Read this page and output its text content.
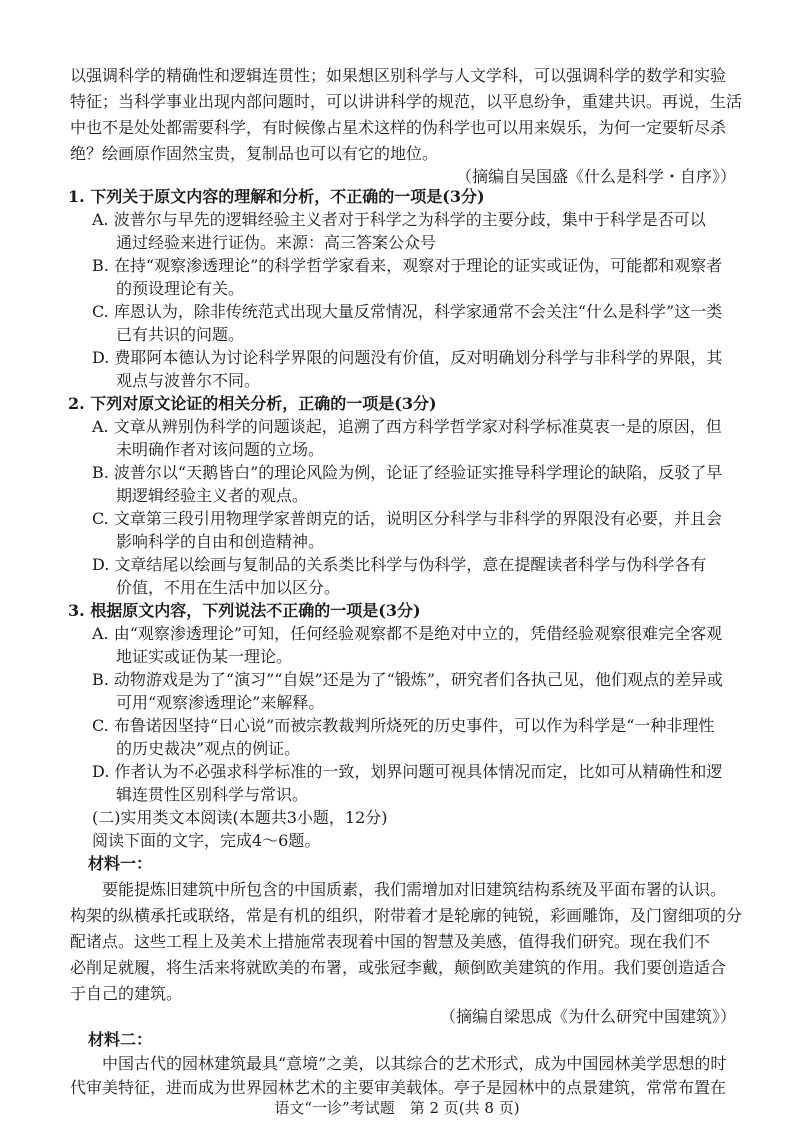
以强调科学的精确性和逻辑连贯性；如果想区别科学与人文学科，可以强调科学的数学和实验
特征；当科学事业出现内部问题时，可以讲讲科学的规范，以平息纷争，重建共识。再说，生活
中也不是处处都需要科学，有时候像占星术这样的伪科学也可以用来娱乐，为何一定要斩尽杀
绝？绘画原作固然宝贵，复制品也可以有它的地位。
（摘编自吴国盛《什么是科学・自序》）
1. 下列关于原文内容的理解和分析，不正确的一项是(3分)
A. 波普尔与早先的逻辑经验主义者对于科学之为科学的主要分歧，集中于科学是否可以
通过经验来进行证伪。来源：高三答案公众号
B. 在持“观察渗透理论”的科学哲学家看来，观察对于理论的证实或证伪，可能都和观察者
的预设理论有关。
C. 库恩认为，除非传统范式出现大量反常情况，科学家通常不会关注“什么是科学”这一类
已有共识的问题。
D. 费耶阿本德认为讨论科学界限的问题没有价值，反对明确划分科学与非科学的界限，其
观点与波普尔不同。
2. 下列对原文论证的相关分析，正确的一项是(3分)
A. 文章从辨别伪科学的问题谈起，追溯了西方科学哲学家对科学标准莫衷一是的原因，但
未明确作者对该问题的立场。
B. 波普尔以“天鹅皆白”的理论风险为例，论证了经验证实推导科学理论的缺陷，反驳了早
期逻辑经验主义者的观点。
C. 文章第三段引用物理学家普朗克的话，说明区分科学与非科学的界限没有必要，并且会
影响科学的自由和创造精神。
D. 文章结尾以绘画与复制品的关系类比科学与伪科学，意在提醒读者科学与伪科学各有
价值，不用在生活中加以区分。
3. 根据原文内容，下列说法不正确的一项是(3分)
A. 由“观察渗透理论”可知，任何经验观察都不是绝对中立的，凭借经验观察很难完全客观
地证实或证伪某一理论。
B. 动物游戏是为了“演习”“自娱”还是为了“锻炼”，研究者们各执己见，他们观点的差异或
可用“观察渗透理论”来解释。
C. 布鲁诺因坚持“日心说”而被宗教裁判所烧死的历史事件，可以作为科学是“一种非理性
的历史裁决”观点的例证。
D. 作者认为不必强求科学标准的一致，划界问题可视具体情况而定，比如可从精确性和逻
辑连贯性区别科学与常识。
(二)实用类文本阅读(本题共3小题，12分)
阅读下面的文字，完成4～6题。
材料一：
要能提炼旧建筑中所包含的中国质素，我们需增加对旧建筑结构系统及平面布署的认识。
构架的纵横承托或联络，常是有机的组织，附带着才是轮廓的钝锐，彩画雕饰，及门窗细项的分
配诸点。这些工程上及美术上措施常表现着中国的智慧及美感，值得我们研究。现在我们不
必削足就履，将生活来将就欧美的布署，或张冠李戴，颠倒欧美建筑的作用。我们要创造适合
于自己的建筑。
（摘编自梁思成《为什么研究中国建筑》）
材料二：
中国古代的园林建筑最具“意境”之美，以其综合的艺术形式，成为中国园林美学思想的时
代审美特征，进而成为世界园林艺术的主要审美载体。亭子是园林中的点景建筑，常常布置在
语文“一诊”考试题　第 2 页(共 8 页)
